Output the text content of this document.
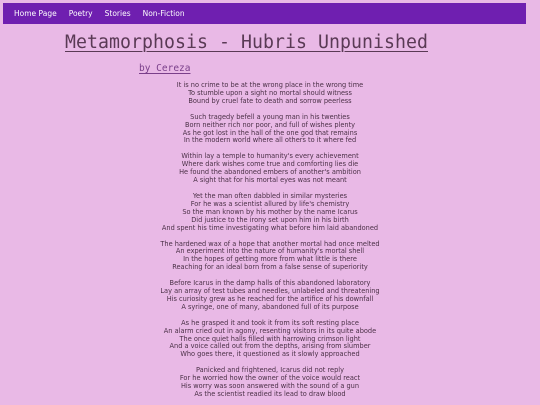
Home Page	Poetry	Stories	Non-Fiction
Metamorphosis - Hubris Unpunished
by Cereza
It is no crime to be at the wrong place in the wrong time
To stumble upon a sight no mortal should witness
Bound by cruel fate to death and sorrow peerless
Such tragedy befell a young man in his twenties
Born neither rich nor poor, and full of wishes plenty
As he got lost in the hall of the one god that remains
In the modern world where all others to it where fed
Within lay a temple to humanity's every achievement
Where dark wishes come true and comforting lies die
He found the abandoned embers of another's ambition
A sight that for his mortal eyes was not meant
Yet the man often dabbled in similar mysteries
For he was a scientist allured by life's chemistry
So the man known by his mother by the name Icarus
Did justice to the irony set upon him in his birth
And spent his time investigating what before him laid abandoned
The hardened wax of a hope that another mortal had once melted
An experiment into the nature of humanity's mortal shell
In the hopes of getting more from what little is there
Reaching for an ideal born from a false sense of superiority
Before Icarus in the damp halls of this abandoned laboratory
Lay an array of test tubes and needles, unlabeled and threatening
His curiosity grew as he reached for the artifice of his downfall
A syringe, one of many, abandoned full of its purpose
As he grasped it and took it from its soft resting place
An alarm cried out in agony, resenting visitors in its quite abode
The once quiet halls filled with harrowing crimson light
And a voice called out from the depths, arising from slumber
Who goes there, it questioned as it slowly approached
Panicked and frightened, Icarus did not reply
For he worried how the owner of the voice would react
His worry was soon answered with the sound of a gun
As the scientist readied its lead to draw blood
